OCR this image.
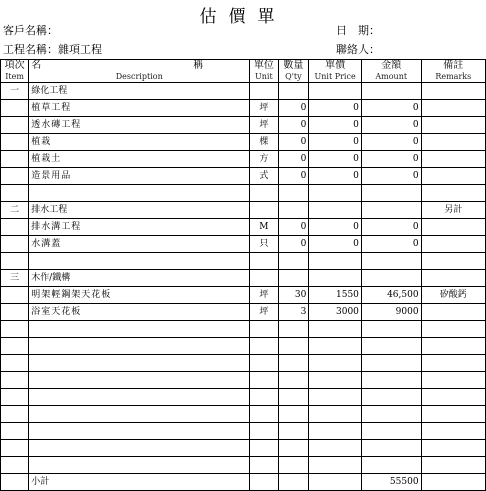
估價單
客戶名稱：	日　期：
工程名稱：雜項工程	聯絡人：
項次	名　　稱	單位	數量	單價	金額	備註
Item	Description	Unit	Q'ty	Unit Price	Amount	Remarks
一	綠化工程					
	植草工程	坪	0	0	0	
	透水磚工程	坪	0	0	0	
	植栽	棵	0	0	0	
	植栽土	方	0	0	0	
	造景用品	式	0	0	0	

二	排水工程					另計
	排水溝工程	M	0	0	0	
	水溝蓋	只	0	0	0	

三	木作/鐵構					
	明架輕鋼架天花板	坪	30	1550	46,500	矽酸鈣
	浴室天花板	坪	3	3000	9000	

	小計				55500	
